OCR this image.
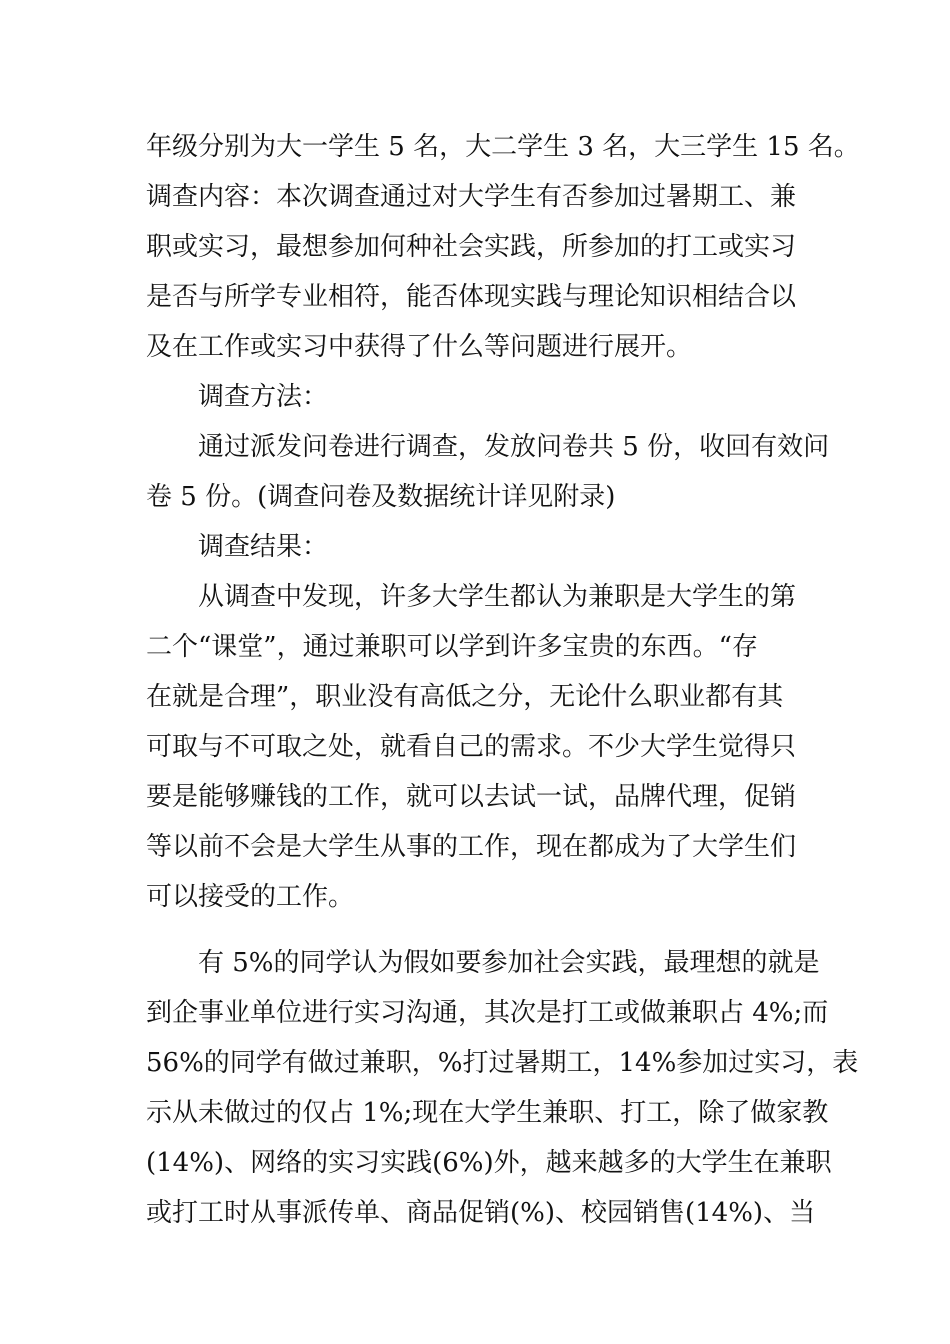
年级分别为大一学生 5 名，大二学生 3 名，大三学生 15 名。
调查内容：本次调查通过对大学生有否参加过暑期工、兼
职或实习，最想参加何种社会实践，所参加的打工或实习
是否与所学专业相符，能否体现实践与理论知识相结合以
及在工作或实习中获得了什么等问题进行展开。
调查方法：
通过派发问卷进行调查，发放问卷共 5 份，收回有效问
卷 5 份。(调查问卷及数据统计详见附录)
调查结果：
从调查中发现，许多大学生都认为兼职是大学生的第
二个“课堂”，通过兼职可以学到许多宝贵的东西。“存
在就是合理”，职业没有高低之分，无论什么职业都有其
可取与不可取之处，就看自己的需求。不少大学生觉得只
要是能够赚钱的工作，就可以去试一试，品牌代理，促销
等以前不会是大学生从事的工作，现在都成为了大学生们
可以接受的工作。
有 5%的同学认为假如要参加社会实践，最理想的就是
到企事业单位进行实习沟通，其次是打工或做兼职占 4%;而
56%的同学有做过兼职，%打过暑期工，14%参加过实习，表
示从未做过的仅占 1%;现在大学生兼职、打工，除了做家教
(14%)、网络的实习实践(6%)外，越来越多的大学生在兼职
或打工时从事派传单、商品促销(%)、校园销售(14%)、当
